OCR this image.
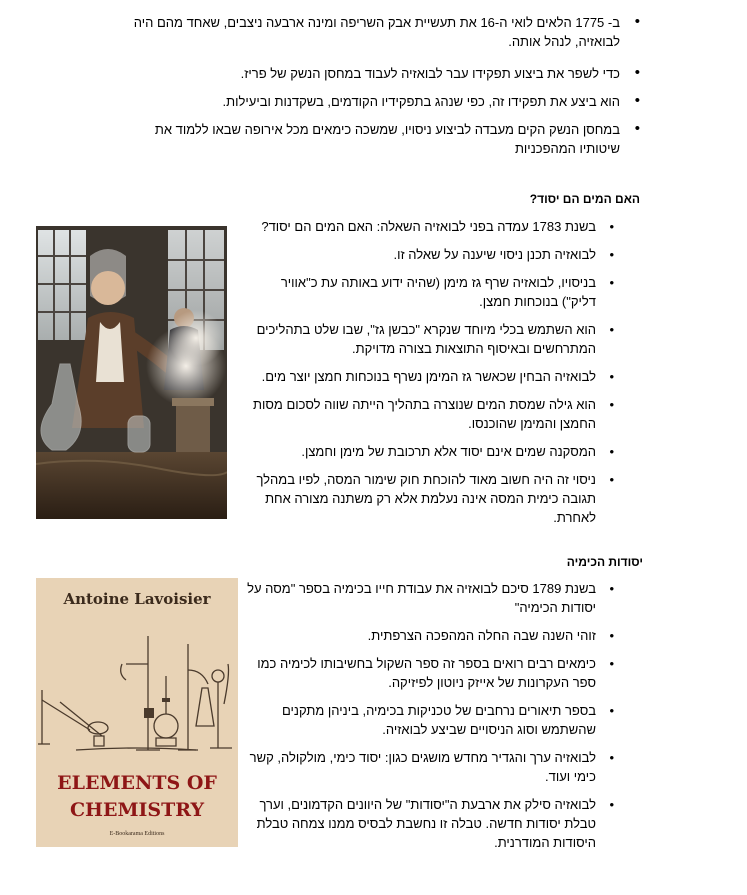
• ב- 1775 הלאים לואי ה-16 את תעשיית אבק השריפה ומינה ארבעה ניצבים, שאחד מהם היה לבואזיה, לנהל אותה.
• כדי לשפר את ביצוע תפקידו עבר לבואזיה לעבוד במחסן הנשק של פריז.
• הוא ביצע את תפקידו זה, כפי שנהג בתפקידיו הקודמים, בשקדנות וביעילות.
• במחסן הנשק הקים מעבדה לביצוע ניסויו, שמשכה כימאים מכל אירופה שבאו ללמוד את שיטותיו המהפכניות
האם המים הם יסוד?
• בשנת 1783 עמדה בפני לבואזיה השאלה: האם המים הם יסוד?
• לבואזיה תכנן ניסוי שיענה על שאלה זו.
• בניסויו, לבואזיה שרף גז מימן (שהיה ידוע באותה עת כ"אוויר דליק") בנוכחות חמצן.
• הוא השתמש בכלי מיוחד שנקרא "כבשן גז", שבו שלט בתהליכים המתרחשים ובאיסוף התוצאות בצורה מדויקת.
• לבואזיה הבחין שכאשר גז המימן נשרף בנוכחות חמצן יוצר מים.
• הוא גילה שמסת המים שנוצרה בתהליך הייתה שווה לסכום מסות החמצן והמימן שהוכנסו.
• המסקנה שמים אינם יסוד אלא תרכובת של מימן וחמצן.
• ניסוי זה היה חשוב מאוד להוכחת חוק שימור המסה, לפיו במהלך תגובה כימית המסה אינה נעלמת אלא רק משתנה מצורה אחת לאחרת.
יסודות הכימיה
Antoine Lavoisier
ELEMENTS OF
CHEMISTRY
E-Bookarama Editions
• בשנת 1789 סיכם לבואזיה את עבודת חייו בכימיה בספר "מסה על יסודות הכימיה"
• זוהי השנה שבה החלה המהפכה הצרפתית.
• כימאים רבים רואים בספר זה ספר השקול בחשיבותו לכימיה כמו ספר העקרונות של אייזק ניוטון לפיזיקה.
• בספר תיאורים נרחבים של טכניקות בכימיה, ביניהן מתקנים שהשתמש וסוג הניסויים שביצע לבואזיה.
• לבואזיה ערך והגדיר מחדש מושגים כגון: יסוד כימי, מולקולה, קשר כימי ועוד.
• לבואזיה סילק את ארבעת ה"יסודות" של היוונים הקדמונים, וערך טבלת יסודות חדשה. טבלה זו נחשבת לבסיס ממנו צמחה טבלת היסודות המודרנית.
